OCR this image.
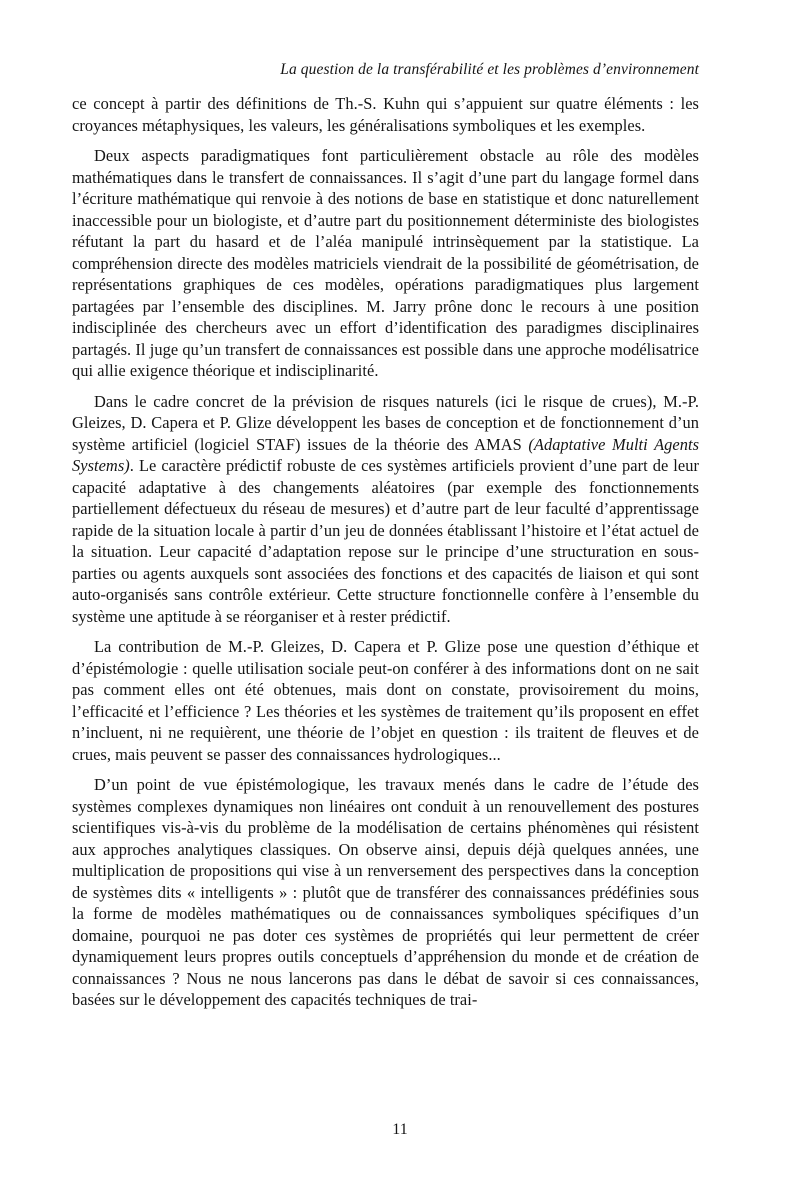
La question de la transférabilité et les problèmes d’environnement

ce concept à partir des définitions de Th.-S. Kuhn qui s’appuient sur quatre éléments : les croyances métaphysiques, les valeurs, les généralisations symboliques et les exemples.

Deux aspects paradigmatiques font particulièrement obstacle au rôle des modèles mathématiques dans le transfert de connaissances. Il s’agit d’une part du langage formel dans l’écriture mathématique qui renvoie à des notions de base en statistique et donc naturellement inaccessible pour un biologiste, et d’autre part du positionnement déterministe des biologistes réfutant la part du hasard et de l’aléa manipulé intrinsèquement par la statistique. La compréhension directe des modèles matriciels viendrait de la possibilité de géométrisation, de représentations graphiques de ces modèles, opérations paradigmatiques plus largement partagées par l’ensemble des disciplines. M. Jarry prône donc le recours à une position indisciplinée des chercheurs avec un effort d’identification des paradigmes disciplinaires partagés. Il juge qu’un transfert de connaissances est possible dans une approche modélisatrice qui allie exigence théorique et indisciplinarité.

Dans le cadre concret de la prévision de risques naturels (ici le risque de crues), M.-P. Gleizes, D. Capera et P. Glize développent les bases de conception et de fonctionnement d’un système artificiel (logiciel STAF) issues de la théorie des AMAS (Adaptative Multi Agents Systems). Le caractère prédictif robuste de ces systèmes artificiels provient d’une part de leur capacité adaptative à des changements aléatoires (par exemple des fonctionnements partiellement défectueux du réseau de mesures) et d’autre part de leur faculté d’apprentissage rapide de la situation locale à partir d’un jeu de données établissant l’histoire et l’état actuel de la situation. Leur capacité d’adaptation repose sur le principe d’une structuration en sous-parties ou agents auxquels sont associées des fonctions et des capacités de liaison et qui sont auto-organisés sans contrôle extérieur. Cette structure fonctionnelle confère à l’ensemble du système une aptitude à se réorganiser et à rester prédictif.

La contribution de M.-P. Gleizes, D. Capera et P. Glize pose une question d’éthique et d’épistémologie : quelle utilisation sociale peut-on conférer à des informations dont on ne sait pas comment elles ont été obtenues, mais dont on constate, provisoirement du moins, l’efficacité et l’efficience ? Les théories et les systèmes de traitement qu’ils proposent en effet n’incluent, ni ne requièrent, une théorie de l’objet en question : ils traitent de fleuves et de crues, mais peuvent se passer des connaissances hydrologiques...

D’un point de vue épistémologique, les travaux menés dans le cadre de l’étude des systèmes complexes dynamiques non linéaires ont conduit à un renouvellement des postures scientifiques vis-à-vis du problème de la modélisation de certains phénomènes qui résistent aux approches analytiques classiques. On observe ainsi, depuis déjà quelques années, une multiplication de propositions qui vise à un renversement des perspectives dans la conception de systèmes dits « intelligents » : plutôt que de transférer des connaissances prédéfinies sous la forme de modèles mathématiques ou de connaissances symboliques spécifiques d’un domaine, pourquoi ne pas doter ces systèmes de propriétés qui leur permettent de créer dynamiquement leurs propres outils conceptuels d’appréhension du monde et de création de connaissances ? Nous ne nous lancerons pas dans le débat de savoir si ces connaissances, basées sur le développement des capacités techniques de trai-

11
